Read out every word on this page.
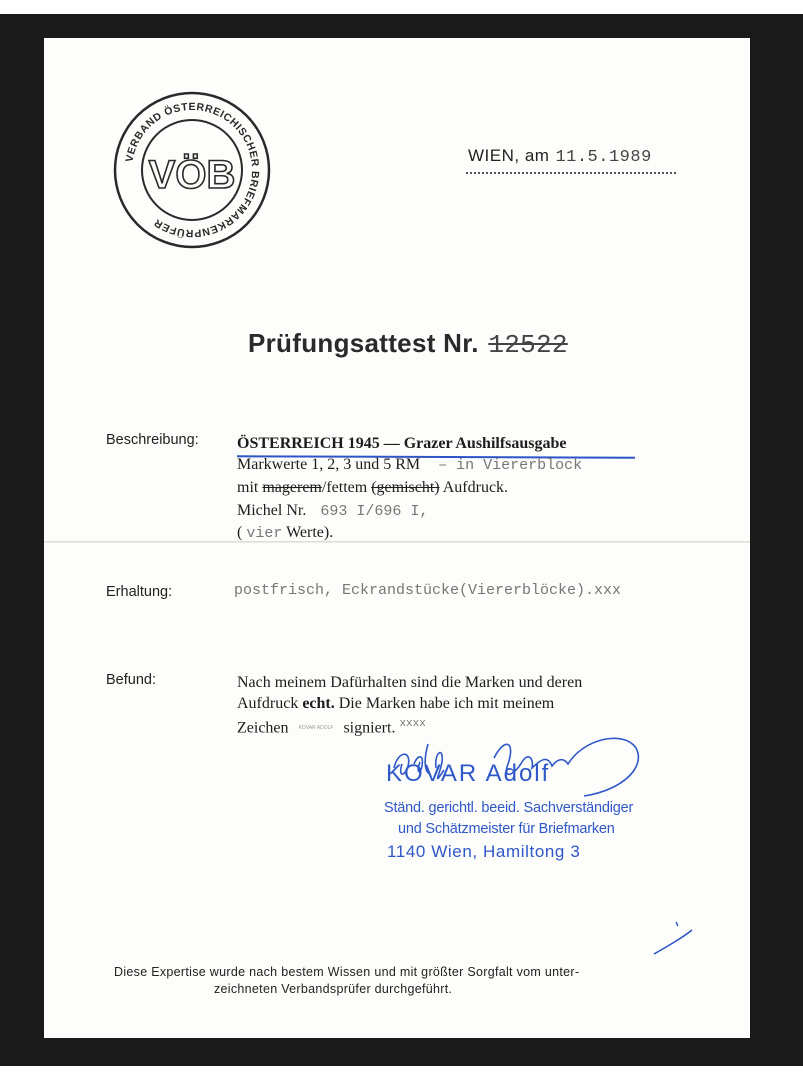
VERBAND ÖSTERREICHISCHER BRIEFMARKENPRÜFER
VÖB	WIEN, am 11.5.1989
Prüfungsattest Nr. 12522
Beschreibung: ÖSTERREICH 1945 — Grazer Aushilfsausgabe
Markwerte 1, 2, 3 und 5 RM – in Viererblock
mit magerem/fettem (gemischt) Aufdruck.
Michel Nr. 693 I/696 I,
( vier Werte).
Erhaltung:	postfrisch, Eckrandstücke(Viererblöcke).xxx
Befund:	Nach meinem Dafürhalten sind die Marken und deren
Aufdruck echt. Die Marken habe ich mit meinem
Zeichen KOVAR ADOLF signiert. $^{xxxx}$
KOVAR Adolf
Ständ. gerichtl. beeid. Sachverständiger
und Schätzmeister für Briefmarken
1140 Wien, Hamiltong 3
Diese Expertise wurde nach bestem Wissen und mit größter Sorgfalt vom unter-
zeichneten Verbandsprüfer durchgeführt.
